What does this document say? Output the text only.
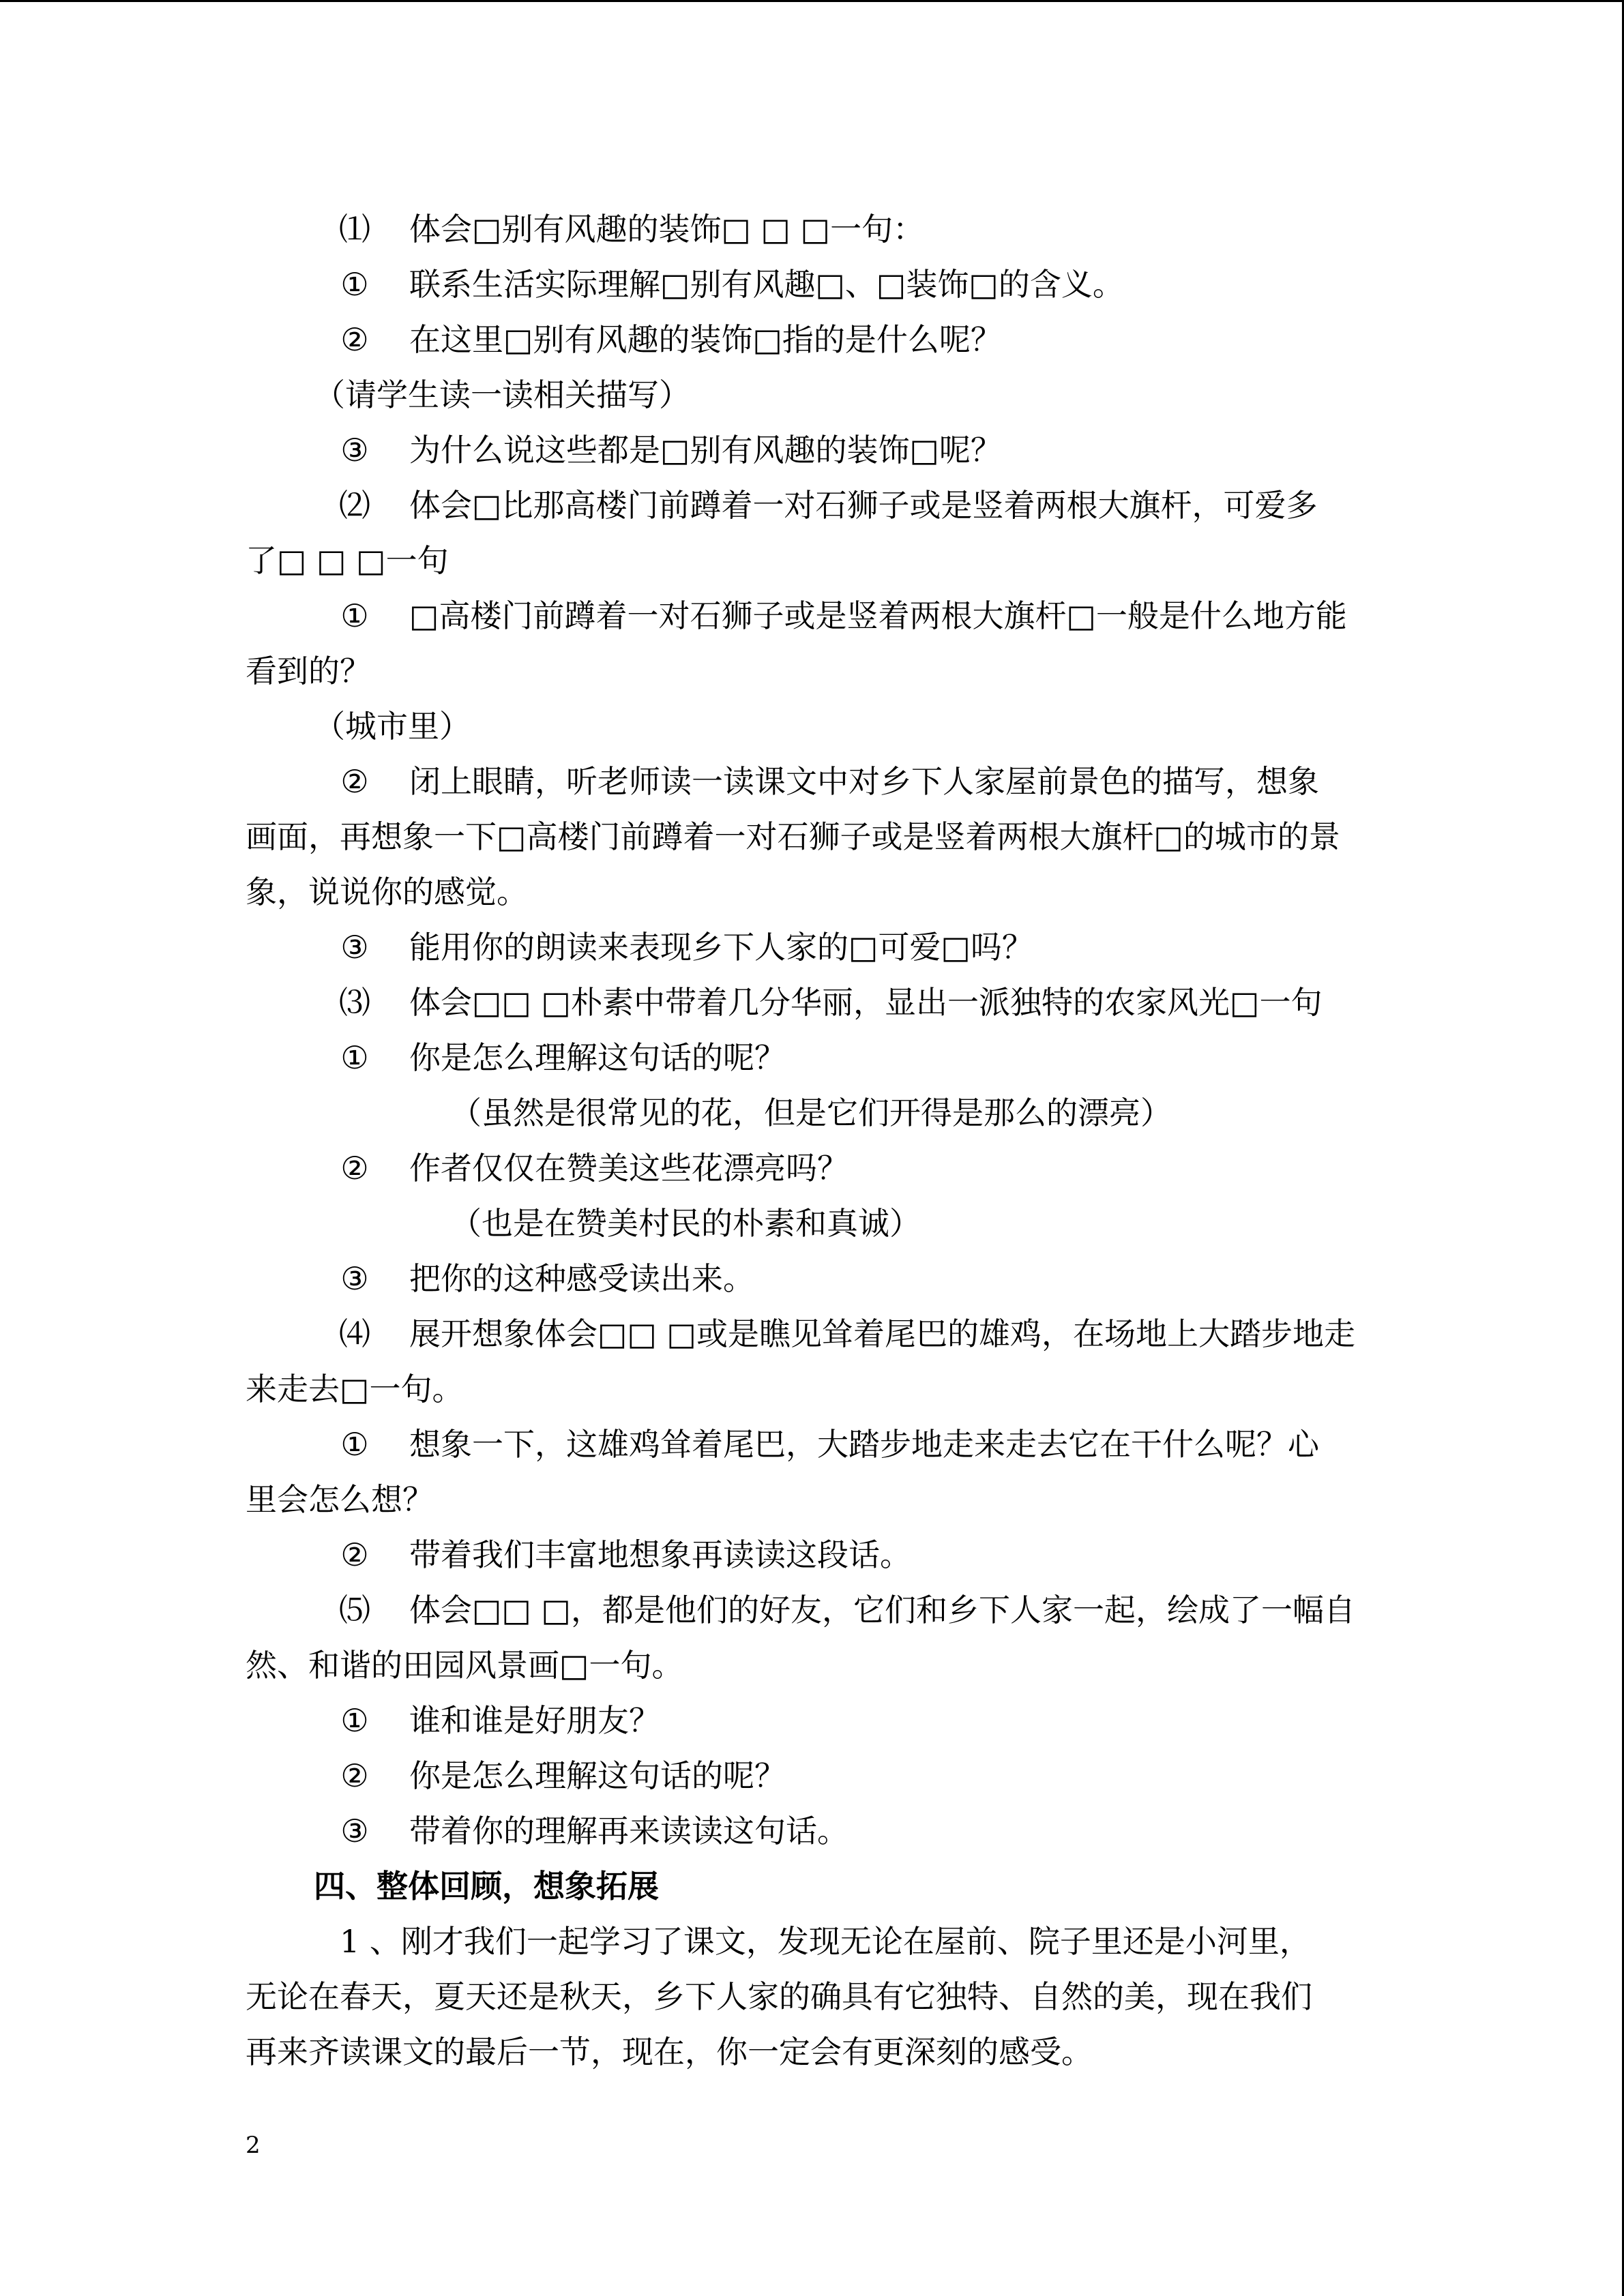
⑴ 体会□别有风趣的装饰□ □ □一句：
① 联系生活实际理解□别有风趣□、□装饰□的含义。
② 在这里□别有风趣的装饰□指的是什么呢？
（请学生读一读相关描写）
③ 为什么说这些都是□别有风趣的装饰□呢？
⑵ 体会□比那高楼门前蹲着一对石狮子或是竖着两根大旗杆，可爱多
了□ □ □一句
① □高楼门前蹲着一对石狮子或是竖着两根大旗杆□一般是什么地方能
看到的？
（城市里）
② 闭上眼睛，听老师读一读课文中对乡下人家屋前景色的描写，想象
画面，再想象一下□高楼门前蹲着一对石狮子或是竖着两根大旗杆□的城市的景
象，说说你的感觉。
③ 能用你的朗读来表现乡下人家的□可爱□吗？
⑶ 体会□□ □朴素中带着几分华丽，显出一派独特的农家风光□一句
① 你是怎么理解这句话的呢？
（虽然是很常见的花，但是它们开得是那么的漂亮）
② 作者仅仅在赞美这些花漂亮吗？
（也是在赞美村民的朴素和真诚）
③ 把你的这种感受读出来。
⑷ 展开想象体会□□ □或是瞧见耸着尾巴的雄鸡，在场地上大踏步地走
来走去□一句。
① 想象一下，这雄鸡耸着尾巴，大踏步地走来走去它在干什么呢？心
里会怎么想？
② 带着我们丰富地想象再读读这段话。
⑸ 体会□□ □，都是他们的好友，它们和乡下人家一起，绘成了一幅自
然、和谐的田园风景画□一句。
① 谁和谁是好朋友？
② 你是怎么理解这句话的呢？
③ 带着你的理解再来读读这句话。
四、整体回顾，想象拓展
1 、刚才我们一起学习了课文，发现无论在屋前、院子里还是小河里，
无论在春天，夏天还是秋天，乡下人家的确具有它独特、自然的美，现在我们
再来齐读课文的最后一节，现在，你一定会有更深刻的感受。
2
